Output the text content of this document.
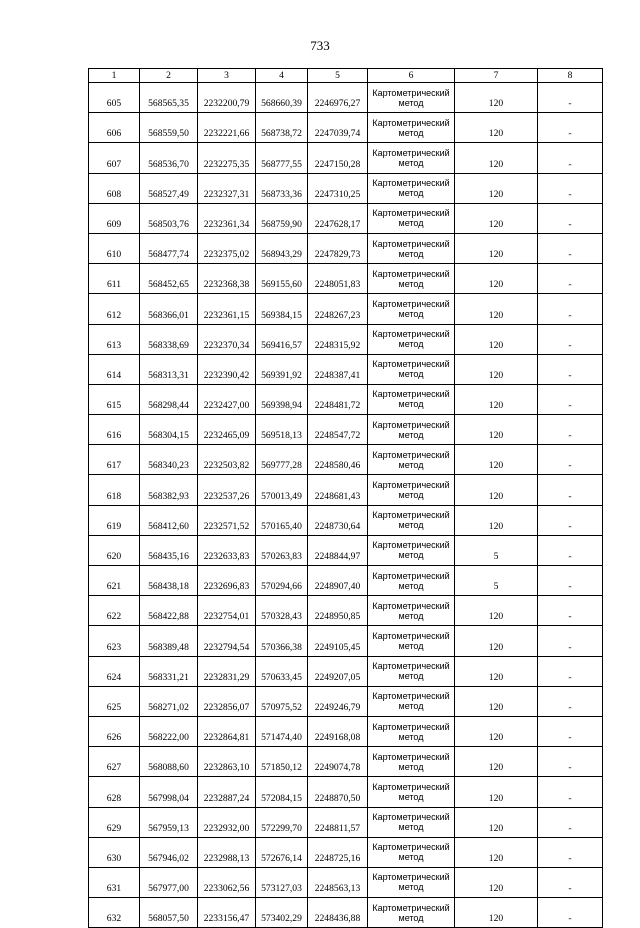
733
1	2	3	4	5	6	7	8
605	568565,35	2232200,79	568660,39	2246976,27	Картометрический
метод	120	-
606	568559,50	2232221,66	568738,72	2247039,74	Картометрический
метод	120	-
607	568536,70	2232275,35	568777,55	2247150,28	Картометрический
метод	120	-
608	568527,49	2232327,31	568733,36	2247310,25	Картометрический
метод	120	-
609	568503,76	2232361,34	568759,90	2247628,17	Картометрический
метод	120	-
610	568477,74	2232375,02	568943,29	2247829,73	Картометрический
метод	120	-
611	568452,65	2232368,38	569155,60	2248051,83	Картометрический
метод	120	-
612	568366,01	2232361,15	569384,15	2248267,23	Картометрический
метод	120	-
613	568338,69	2232370,34	569416,57	2248315,92	Картометрический
метод	120	-
614	568313,31	2232390,42	569391,92	2248387,41	Картометрический
метод	120	-
615	568298,44	2232427,00	569398,94	2248481,72	Картометрический
метод	120	-
616	568304,15	2232465,09	569518,13	2248547,72	Картометрический
метод	120	-
617	568340,23	2232503,82	569777,28	2248580,46	Картометрический
метод	120	-
618	568382,93	2232537,26	570013,49	2248681,43	Картометрический
метод	120	-
619	568412,60	2232571,52	570165,40	2248730,64	Картометрический
метод	120	-
620	568435,16	2232633,83	570263,83	2248844,97	Картометрический
метод	5	-
621	568438,18	2232696,83	570294,66	2248907,40	Картометрический
метод	5	-
622	568422,88	2232754,01	570328,43	2248950,85	Картометрический
метод	120	-
623	568389,48	2232794,54	570366,38	2249105,45	Картометрический
метод	120	-
624	568331,21	2232831,29	570633,45	2249207,05	Картометрический
метод	120	-
625	568271,02	2232856,07	570975,52	2249246,79	Картометрический
метод	120	-
626	568222,00	2232864,81	571474,40	2249168,08	Картометрический
метод	120	-
627	568088,60	2232863,10	571850,12	2249074,78	Картометрический
метод	120	-
628	567998,04	2232887,24	572084,15	2248870,50	Картометрический
метод	120	-
629	567959,13	2232932,00	572299,70	2248811,57	Картометрический
метод	120	-
630	567946,02	2232988,13	572676,14	2248725,16	Картометрический
метод	120	-
631	567977,00	2233062,56	573127,03	2248563,13	Картометрический
метод	120	-
632	568057,50	2233156,47	573402,29	2248436,88	Картометрический
метод	120	-
